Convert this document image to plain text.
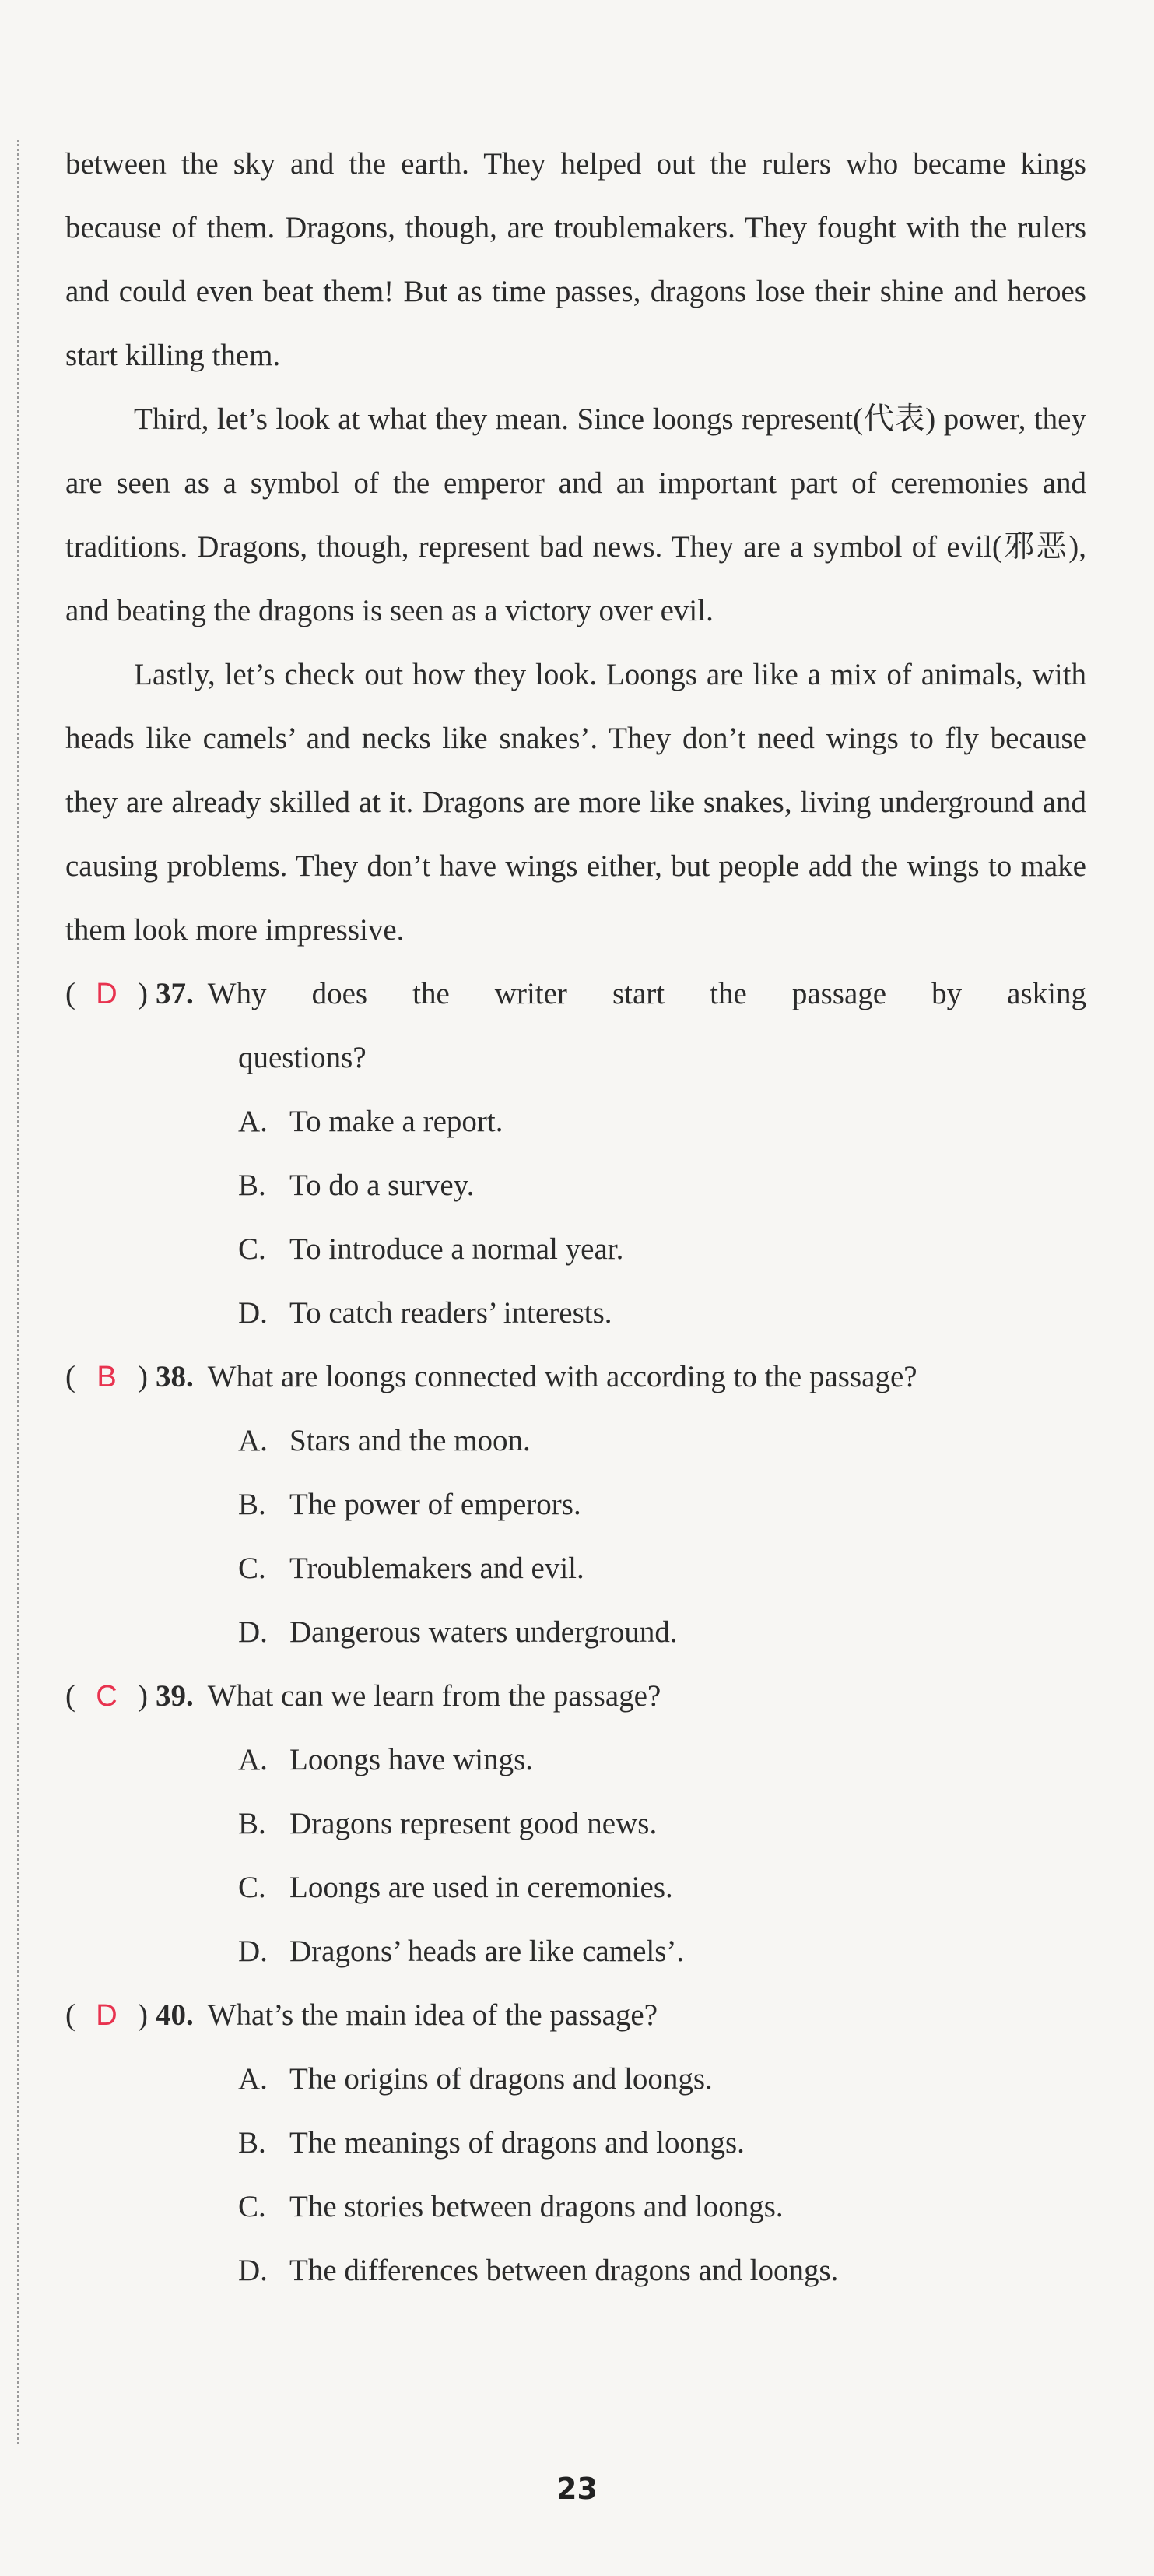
between the sky and the earth. They helped out the rulers who became kings because of them. Dragons, though, are troublemakers. They fought with the rulers and could even beat them! But as time passes, dragons lose their shine and heroes start killing them.

Third, let’s look at what they mean. Since loongs represent(代表) power, they are seen as a symbol of the emperor and an important part of ceremonies and traditions. Dragons, though, represent bad news. They are a symbol of evil(邪恶), and beating the dragons is seen as a victory over evil.

Lastly, let’s check out how they look. Loongs are like a mix of animals, with heads like camels’ and necks like snakes’. They don’t need wings to fly because they are already skilled at it. Dragons are more like snakes, living underground and causing problems. They don’t have wings either, but people add the wings to make them look more impressive.

( D ) 37. Why does the writer start the passage by asking
questions?
A. To make a report.
B. To do a survey.
C. To introduce a normal year.
D. To catch readers’ interests.
( B ) 38. What are loongs connected with according to the passage?
A. Stars and the moon.
B. The power of emperors.
C. Troublemakers and evil.
D. Dangerous waters underground.
( C ) 39. What can we learn from the passage?
A. Loongs have wings.
B. Dragons represent good news.
C. Loongs are used in ceremonies.
D. Dragons’ heads are like camels’.
( D ) 40. What’s the main idea of the passage?
A. The origins of dragons and loongs.
B. The meanings of dragons and loongs.
C. The stories between dragons and loongs.
D. The differences between dragons and loongs.
23
